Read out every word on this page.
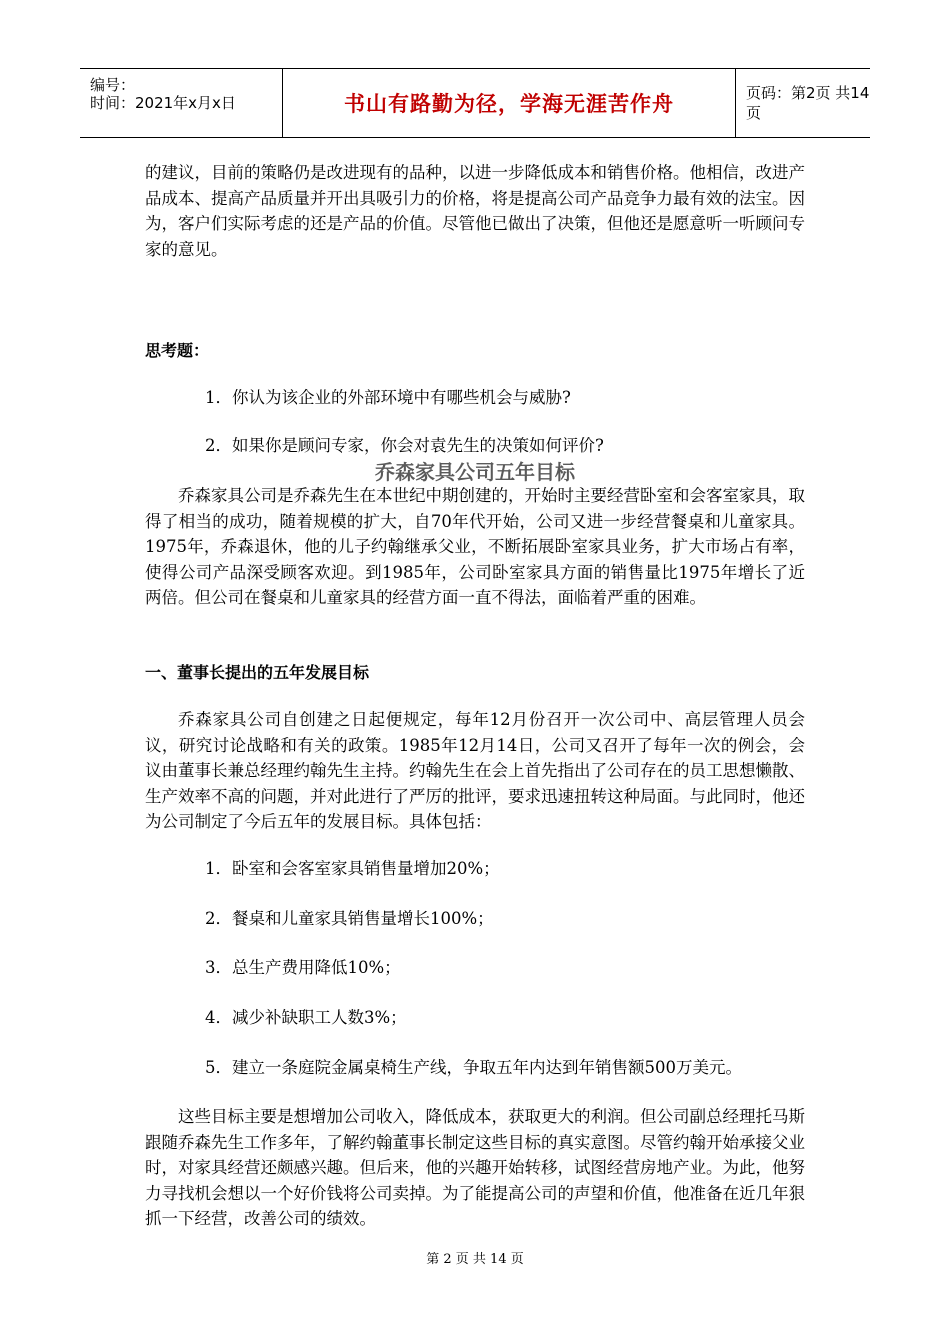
编号：
时间：2021年x月x日	书山有路勤为径，学海无涯苦作舟	页码：第2页 共14页

的建议，目前的策略仍是改进现有的品种，以进一步降低成本和销售价格。他相信，改进产品成本、提高产品质量并开出具吸引力的价格，将是提高公司产品竞争力最有效的法宝。因为，客户们实际考虑的还是产品的价值。尽管他已做出了决策，但他还是愿意听一听顾问专家的意见。

思考题：

1．你认为该企业的外部环境中有哪些机会与威胁?

2．如果你是顾问专家，你会对袁先生的决策如何评价?

乔森家具公司五年目标

乔森家具公司是乔森先生在本世纪中期创建的，开始时主要经营卧室和会客室家具，取得了相当的成功，随着规模的扩大，自70年代开始，公司又进一步经营餐桌和儿童家具。1975年，乔森退休，他的儿子约翰继承父业，不断拓展卧室家具业务，扩大市场占有率，使得公司产品深受顾客欢迎。到1985年，公司卧室家具方面的销售量比1975年增长了近两倍。但公司在餐桌和儿童家具的经营方面一直不得法，面临着严重的困难。

一、董事长提出的五年发展目标

乔森家具公司自创建之日起便规定，每年12月份召开一次公司中、高层管理人员会议，研究讨论战略和有关的政策。1985年12月14日，公司又召开了每年一次的例会，会议由董事长兼总经理约翰先生主持。约翰先生在会上首先指出了公司存在的员工思想懒散、生产效率不高的问题，并对此进行了严厉的批评，要求迅速扭转这种局面。与此同时，他还为公司制定了今后五年的发展目标。具体包括：

1．卧室和会客室家具销售量增加20%；

2．餐桌和儿童家具销售量增长100%；

3．总生产费用降低10%；

4．减少补缺职工人数3%；

5．建立一条庭院金属桌椅生产线，争取五年内达到年销售额500万美元。

这些目标主要是想增加公司收入，降低成本，获取更大的利润。但公司副总经理托马斯跟随乔森先生工作多年，了解约翰董事长制定这些目标的真实意图。尽管约翰开始承接父业时，对家具经营还颇感兴趣。但后来，他的兴趣开始转移，试图经营房地产业。为此，他努力寻找机会想以一个好价钱将公司卖掉。为了能提高公司的声望和价值，他准备在近几年狠抓一下经营，改善公司的绩效。

第 2 页 共 14 页
